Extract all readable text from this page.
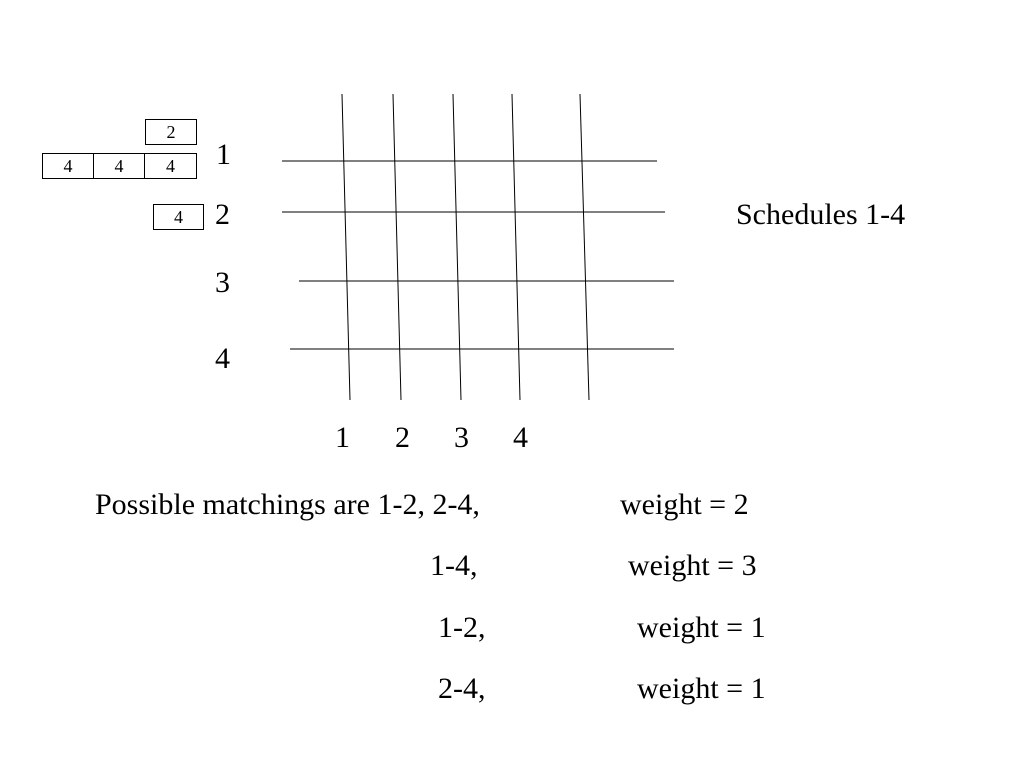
2
4	4	4
4
1
2
3
4
1 2 3 4
Schedules 1-4
Possible matchings are 1-2, 2-4,	weight = 2
1-4,	weight = 3
1-2,	weight = 1
2-4,	weight = 1
